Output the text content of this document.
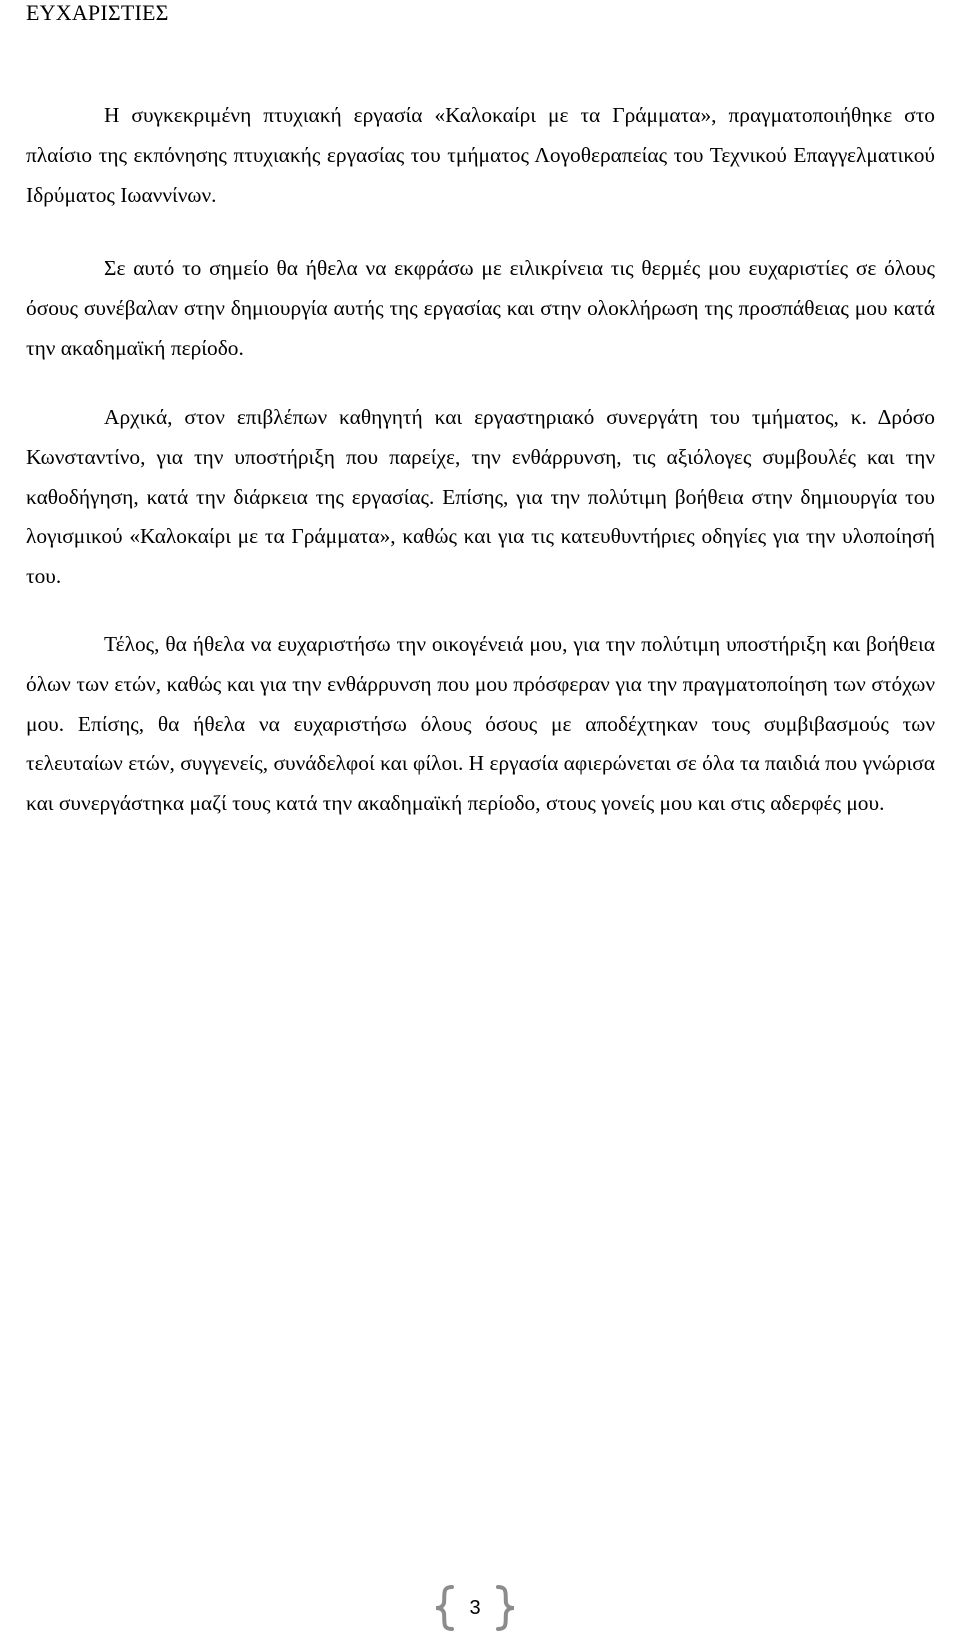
ΕΥΧΑΡΙΣΤΙΕΣ

Η συγκεκριμένη πτυχιακή εργασία «Καλοκαίρι με τα Γράμματα», πραγματοποιήθηκε στο πλαίσιο της εκπόνησης πτυχιακής εργασίας του τμήματος Λογοθεραπείας του Τεχνικού Επαγγελματικού Ιδρύματος Ιωαννίνων.

Σε αυτό το σημείο θα ήθελα να εκφράσω με ειλικρίνεια τις θερμές μου ευχαριστίες σε όλους όσους συνέβαλαν στην δημιουργία αυτής της εργασίας και στην ολοκλήρωση της προσπάθειας μου κατά την ακαδημαϊκή περίοδο.

Αρχικά, στον επιβλέπων καθηγητή και εργαστηριακό συνεργάτη του τμήματος, κ. Δρόσο Κωνσταντίνο, για την υποστήριξη που παρείχε, την ενθάρρυνση, τις αξιόλογες συμβουλές και την καθοδήγηση, κατά την διάρκεια της εργασίας. Επίσης, για την πολύτιμη βοήθεια στην δημιουργία του λογισμικού «Καλοκαίρι με τα Γράμματα», καθώς και για τις κατευθυντήριες οδηγίες για την υλοποίησή του.

Τέλος, θα ήθελα να ευχαριστήσω την οικογένειά μου, για την πολύτιμη υποστήριξη και βοήθεια όλων των ετών, καθώς και για την ενθάρρυνση που μου πρόσφεραν για την πραγματοποίηση των στόχων μου. Επίσης, θα ήθελα να ευχαριστήσω όλους όσους με αποδέχτηκαν τους συμβιβασμούς των τελευταίων ετών, συγγενείς, συνάδελφοί και φίλοι. Η εργασία αφιερώνεται σε όλα τα παιδιά που γνώρισα και συνεργάστηκα μαζί τους κατά την ακαδημαϊκή περίοδο, στους γονείς μου και στις αδερφές μου.

3
